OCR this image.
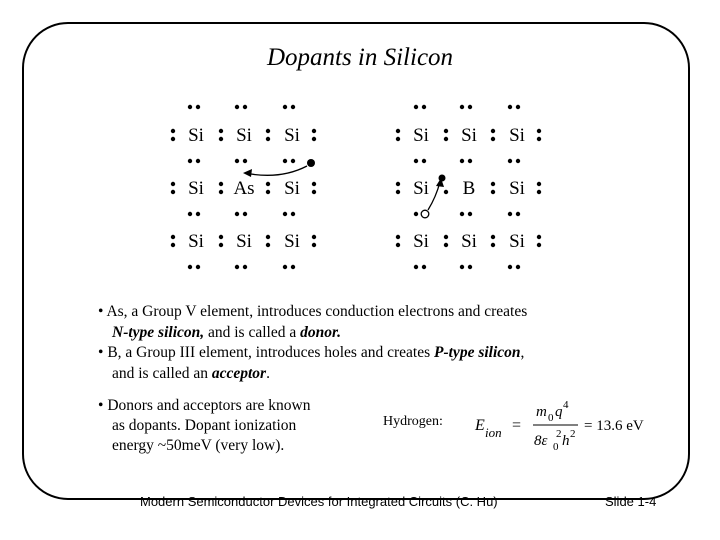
Dopants in Silicon
Si Si Si
Si As Si
Si Si Si
Si Si Si
Si B Si
Si Si Si
• As, a Group V element, introduces conduction electrons and creates
N-type silicon, and is called a donor.
• B, a Group III element, introduces holes and creates P-type silicon,
and is called an acceptor.
• Donors and acceptors are known
as dopants. Dopant ionization
energy ~50meV (very low).
Hydrogen: E ion =
m 0 q 4
8ε 0
2 h 2 = 13.6 eV
Modern Semiconductor Devices for Integrated Circuits (C. Hu)	Slide 1-4
